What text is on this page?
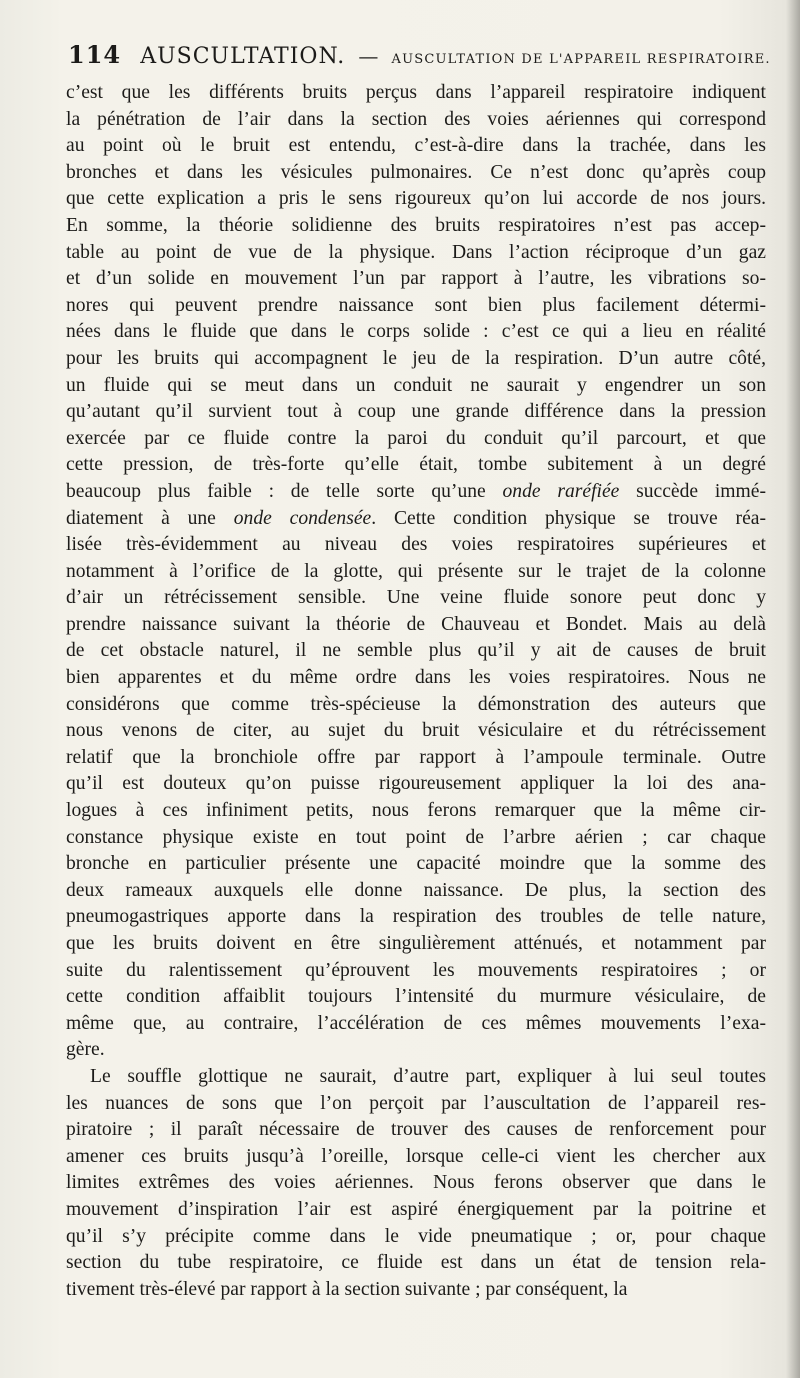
114 AUSCULTATION. — AUSCULTATION DE L'APPAREIL RESPIRATOIRE.
c’est que les différents bruits perçus dans l’appareil respiratoire indiquent
la pénétration de l’air dans la section des voies aériennes qui correspond
au point où le bruit est entendu, c’est-à-dire dans la trachée, dans les
bronches et dans les vésicules pulmonaires. Ce n’est donc qu’après coup
que cette explication a pris le sens rigoureux qu’on lui accorde de nos jours.
En somme, la théorie solidienne des bruits respiratoires n’est pas accep-
table au point de vue de la physique. Dans l’action réciproque d’un gaz
et d’un solide en mouvement l’un par rapport à l’autre, les vibrations so-
nores qui peuvent prendre naissance sont bien plus facilement détermi-
nées dans le fluide que dans le corps solide : c’est ce qui a lieu en réalité
pour les bruits qui accompagnent le jeu de la respiration. D’un autre côté,
un fluide qui se meut dans un conduit ne saurait y engendrer un son
qu’autant qu’il survient tout à coup une grande différence dans la pression
exercée par ce fluide contre la paroi du conduit qu’il parcourt, et que
cette pression, de très-forte qu’elle était, tombe subitement à un degré
beaucoup plus faible : de telle sorte qu’une onde raréfiée succède immé-
diatement à une onde condensée. Cette condition physique se trouve réa-
lisée très-évidemment au niveau des voies respiratoires supérieures et
notamment à l’orifice de la glotte, qui présente sur le trajet de la colonne
d’air un rétrécissement sensible. Une veine fluide sonore peut donc y
prendre naissance suivant la théorie de Chauveau et Bondet. Mais au delà
de cet obstacle naturel, il ne semble plus qu’il y ait de causes de bruit
bien apparentes et du même ordre dans les voies respiratoires. Nous ne
considérons que comme très-spécieuse la démonstration des auteurs que
nous venons de citer, au sujet du bruit vésiculaire et du rétrécissement
relatif que la bronchiole offre par rapport à l’ampoule terminale. Outre
qu’il est douteux qu’on puisse rigoureusement appliquer la loi des ana-
logues à ces infiniment petits, nous ferons remarquer que la même cir-
constance physique existe en tout point de l’arbre aérien ; car chaque
bronche en particulier présente une capacité moindre que la somme des
deux rameaux auxquels elle donne naissance. De plus, la section des
pneumogastriques apporte dans la respiration des troubles de telle nature,
que les bruits doivent en être singulièrement atténués, et notamment par
suite du ralentissement qu’éprouvent les mouvements respiratoires ; or
cette condition affaiblit toujours l’intensité du murmure vésiculaire, de
même que, au contraire, l’accélération de ces mêmes mouvements l’exa-
gère.
Le souffle glottique ne saurait, d’autre part, expliquer à lui seul toutes
les nuances de sons que l’on perçoit par l’auscultation de l’appareil res-
piratoire ; il paraît nécessaire de trouver des causes de renforcement pour
amener ces bruits jusqu’à l’oreille, lorsque celle-ci vient les chercher aux
limites extrêmes des voies aériennes. Nous ferons observer que dans le
mouvement d’inspiration l’air est aspiré énergiquement par la poitrine et
qu’il s’y précipite comme dans le vide pneumatique ; or, pour chaque
section du tube respiratoire, ce fluide est dans un état de tension rela-
tivement très-élevé par rapport à la section suivante ; par conséquent, la
